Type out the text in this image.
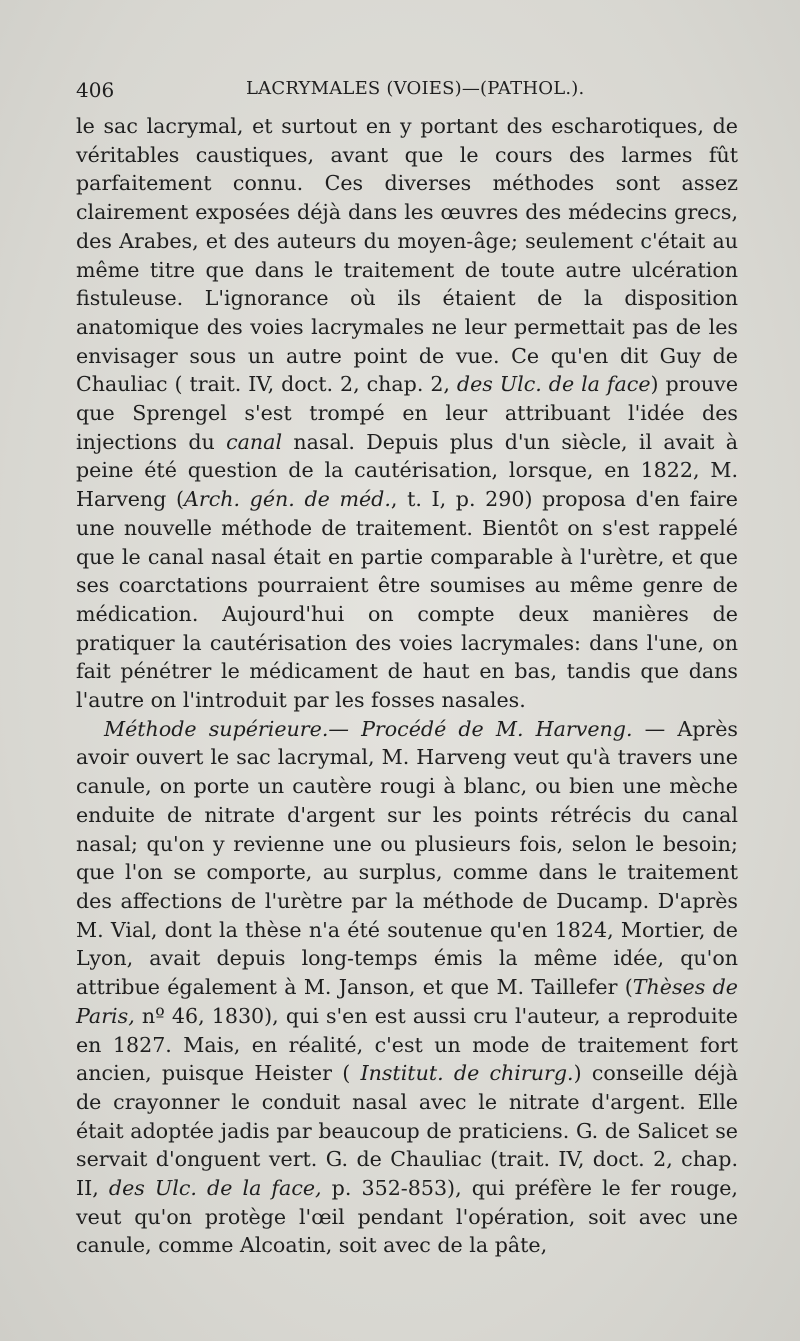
406	LACRYMALES (VOIES)—(PATHOL.).

le sac lacrymal, et surtout en y portant des escharotiques, de véritables caustiques, avant que le cours des larmes fût parfaitement connu. Ces diverses méthodes sont assez clairement exposées déjà dans les œuvres des médecins grecs, des Arabes, et des auteurs du moyen-âge; seulement c'était au même titre que dans le traitement de toute autre ulcération fistuleuse. L'ignorance où ils étaient de la disposition anatomique des voies lacrymales ne leur permettait pas de les envisager sous un autre point de vue. Ce qu'en dit Guy de Chauliac ( trait. IV, doct. 2, chap. 2, des Ulc. de la face) prouve que Sprengel s'est trompé en leur attribuant l'idée des injections du canal nasal. Depuis plus d'un siècle, il avait à peine été question de la cautérisation, lorsque, en 1822, M. Harveng (Arch. gén. de méd., t. I, p. 290) proposa d'en faire une nouvelle méthode de traitement. Bientôt on s'est rappelé que le canal nasal était en partie comparable à l'urètre, et que ses coarctations pourraient être soumises au même genre de médication. Aujourd'hui on compte deux manières de pratiquer la cautérisation des voies lacrymales: dans l'une, on fait pénétrer le médicament de haut en bas, tandis que dans l'autre on l'introduit par les fosses nasales.

Méthode supérieure.— Procédé de M. Harveng. — Après avoir ouvert le sac lacrymal, M. Harveng veut qu'à travers une canule, on porte un cautère rougi à blanc, ou bien une mèche enduite de nitrate d'argent sur les points rétrécis du canal nasal; qu'on y revienne une ou plusieurs fois, selon le besoin; que l'on se comporte, au surplus, comme dans le traitement des affections de l'urètre par la méthode de Ducamp. D'après M. Vial, dont la thèse n'a été soutenue qu'en 1824, Mortier, de Lyon, avait depuis long-temps émis la même idée, qu'on attribue également à M. Janson, et que M. Taillefer (Thèses de Paris, nº 46, 1830), qui s'en est aussi cru l'auteur, a reproduite en 1827. Mais, en réalité, c'est un mode de traitement fort ancien, puisque Heister ( Institut. de chirurg.) conseille déjà de crayonner le conduit nasal avec le nitrate d'argent. Elle était adoptée jadis par beaucoup de praticiens. G. de Salicet se servait d'onguent vert. G. de Chauliac (trait. IV, doct. 2, chap. II, des Ulc. de la face, p. 352-853), qui préfère le fer rouge, veut qu'on protège l'œil pendant l'opération, soit avec une canule, comme Alcoatin, soit avec de la pâte,
